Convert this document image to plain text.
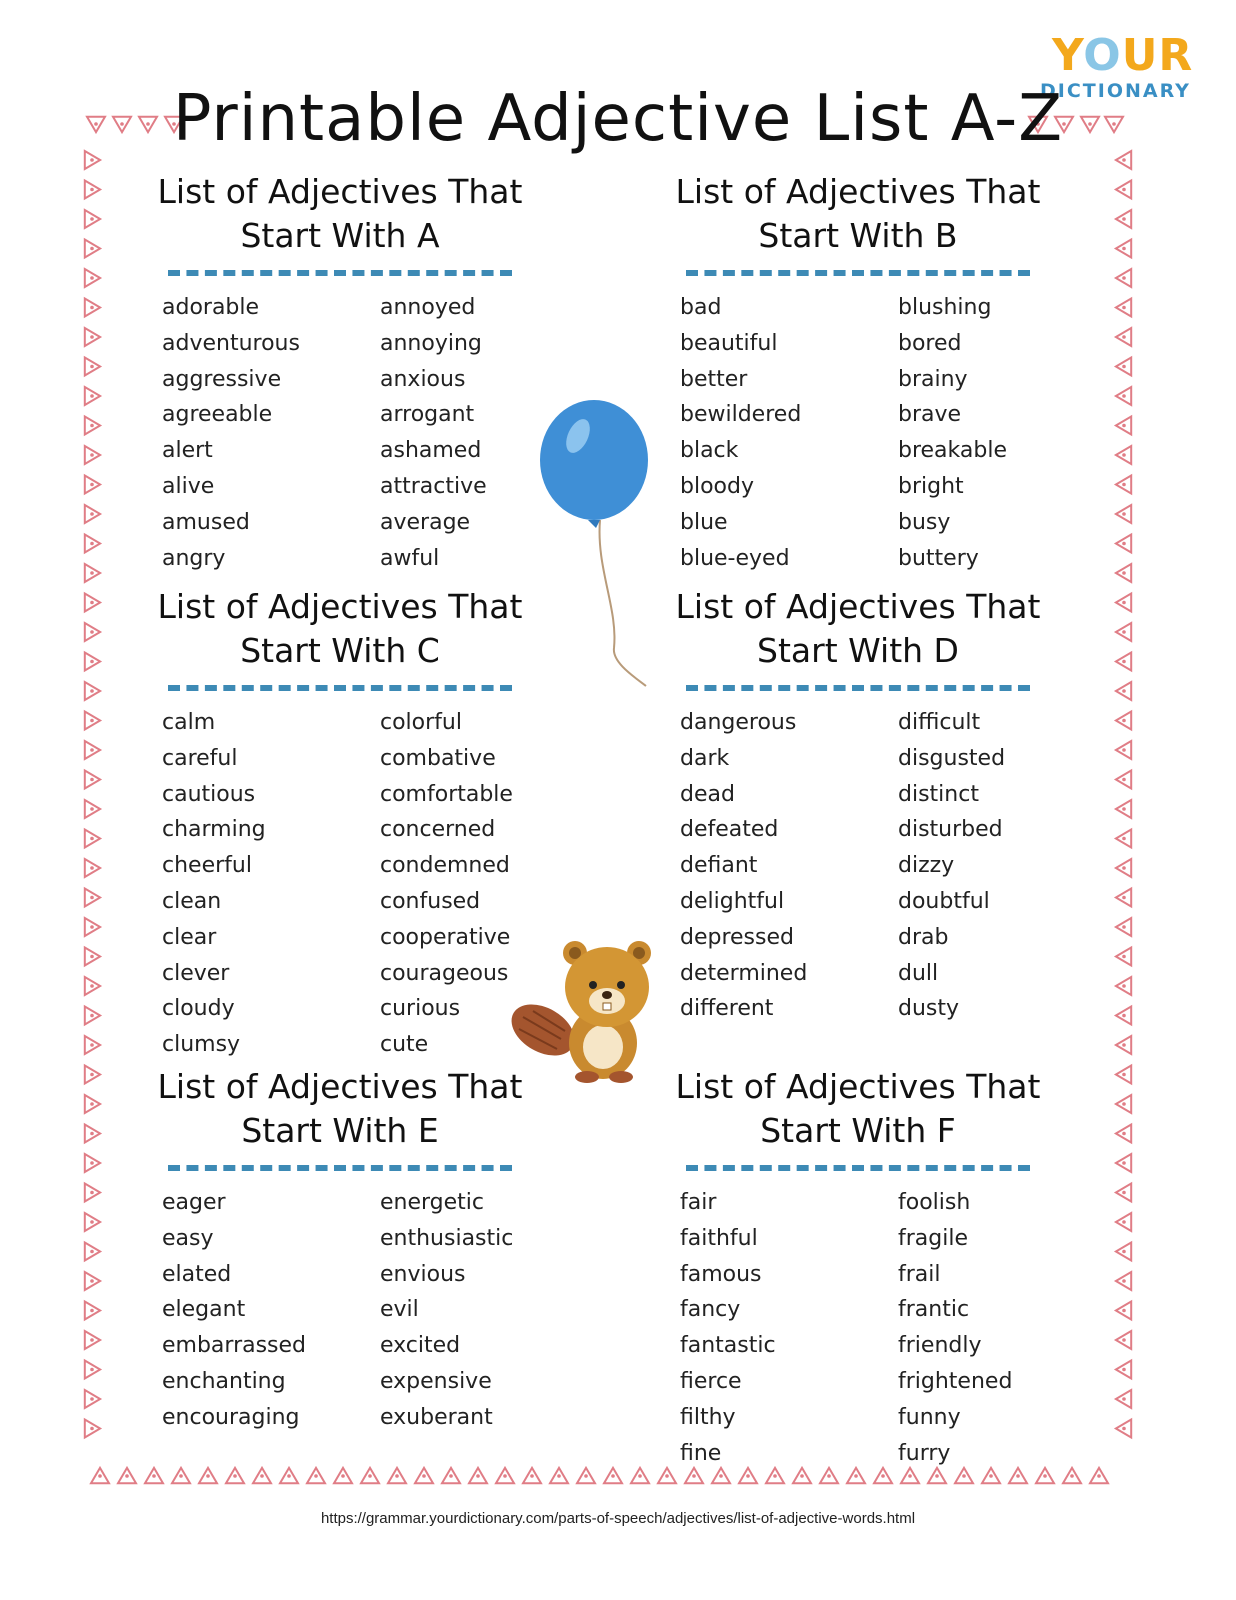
YOUR
DICTIONARY
Printable Adjective List A-Z

List of Adjectives That
Start With A

adorable
adventurous
aggressive
agreeable
alert
alive
amused
angry
annoyed
annoying
anxious
arrogant
ashamed
attractive
average
awful

List of Adjectives That
Start With B

bad
beautiful
better
bewildered
black
bloody
blue
blue-eyed
blushing
bored
brainy
brave
breakable
bright
busy
buttery

List of Adjectives That
Start With C

calm
careful
cautious
charming
cheerful
clean
clear
clever
cloudy
clumsy
colorful
combative
comfortable
concerned
condemned
confused
cooperative
courageous
curious
cute

List of Adjectives That
Start With D

dangerous
dark
dead
defeated
defiant
delightful
depressed
determined
different
difficult
disgusted
distinct
disturbed
dizzy
doubtful
drab
dull
dusty

List of Adjectives That
Start With E

eager
easy
elated
elegant
embarrassed
enchanting
encouraging
energetic
enthusiastic
envious
evil
excited
expensive
exuberant

List of Adjectives That
Start With F

fair
faithful
famous
fancy
fantastic
fierce
filthy
fine
foolish
fragile
frail
frantic
friendly
frightened
funny
furry
https://grammar.yourdictionary.com/parts-of-speech/adjectives/list-of-adjective-words.html
